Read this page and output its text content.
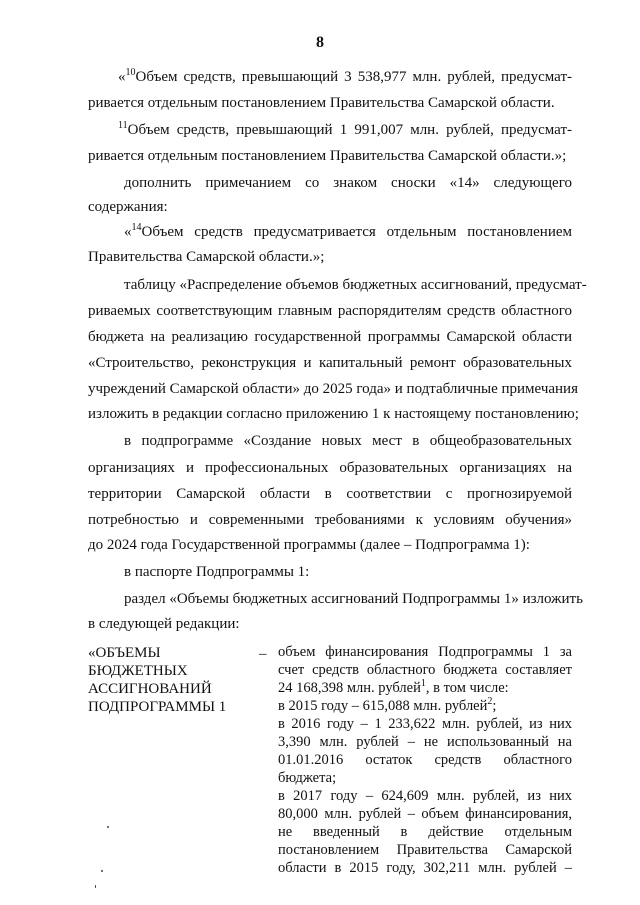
8
«$^{10}$Объем средств, превышающий 3 538,977 млн. рублей, предусмат-
ривается отдельным постановлением Правительства Самарской области.
$^{11}$Объем средств, превышающий 1 991,007 млн. рублей, предусмат-
ривается отдельным постановлением Правительства Самарской области.»;
дополнить примечанием со знаком сноски «14» следующего
содержания:
«$^{14}$Объем средств предусматривается отдельным постановлением
Правительства Самарской области.»;
таблицу «Распределение объемов бюджетных ассигнований, предусмат-
риваемых соответствующим главным распорядителям средств областного
бюджета на реализацию государственной программы Самарской области
«Строительство, реконструкция и капитальный ремонт образовательных
учреждений Самарской области» до 2025 года» и подтабличные примечания
изложить в редакции согласно приложению 1 к настоящему постановлению;
в подпрограмме «Создание новых мест в общеобразовательных
организациях и профессиональных образовательных организациях на
территории Самарской области в соответствии с прогнозируемой
потребностью и современными требованиями к условиям обучения»
до 2024 года Государственной программы (далее – Подпрограмма 1):
в паспорте Подпрограммы 1:
раздел «Объемы бюджетных ассигнований Подпрограммы 1» изложить
в следующей редакции:
«ОБЪЕМЫ
БЮДЖЕТНЫХ
АССИГНОВАНИЙ
ПОДПРОГРАММЫ 1
– объем финансирования Подпрограммы 1 за
счет средств областного бюджета составляет
24 168,398 млн. рублей$^1$, в том числе:
в 2015 году – 615,088 млн. рублей$^2$;
в 2016 году – 1 233,622 млн. рублей, из них
3,390 млн. рублей – не использованный на
01.01.2016 остаток средств областного
бюджета;
в 2017 году – 624,609 млн. рублей, из них
80,000 млн. рублей – объем финансирования,
не введенный в действие отдельным
постановлением Правительства Самарской
области в 2015 году, 302,211 млн. рублей –
